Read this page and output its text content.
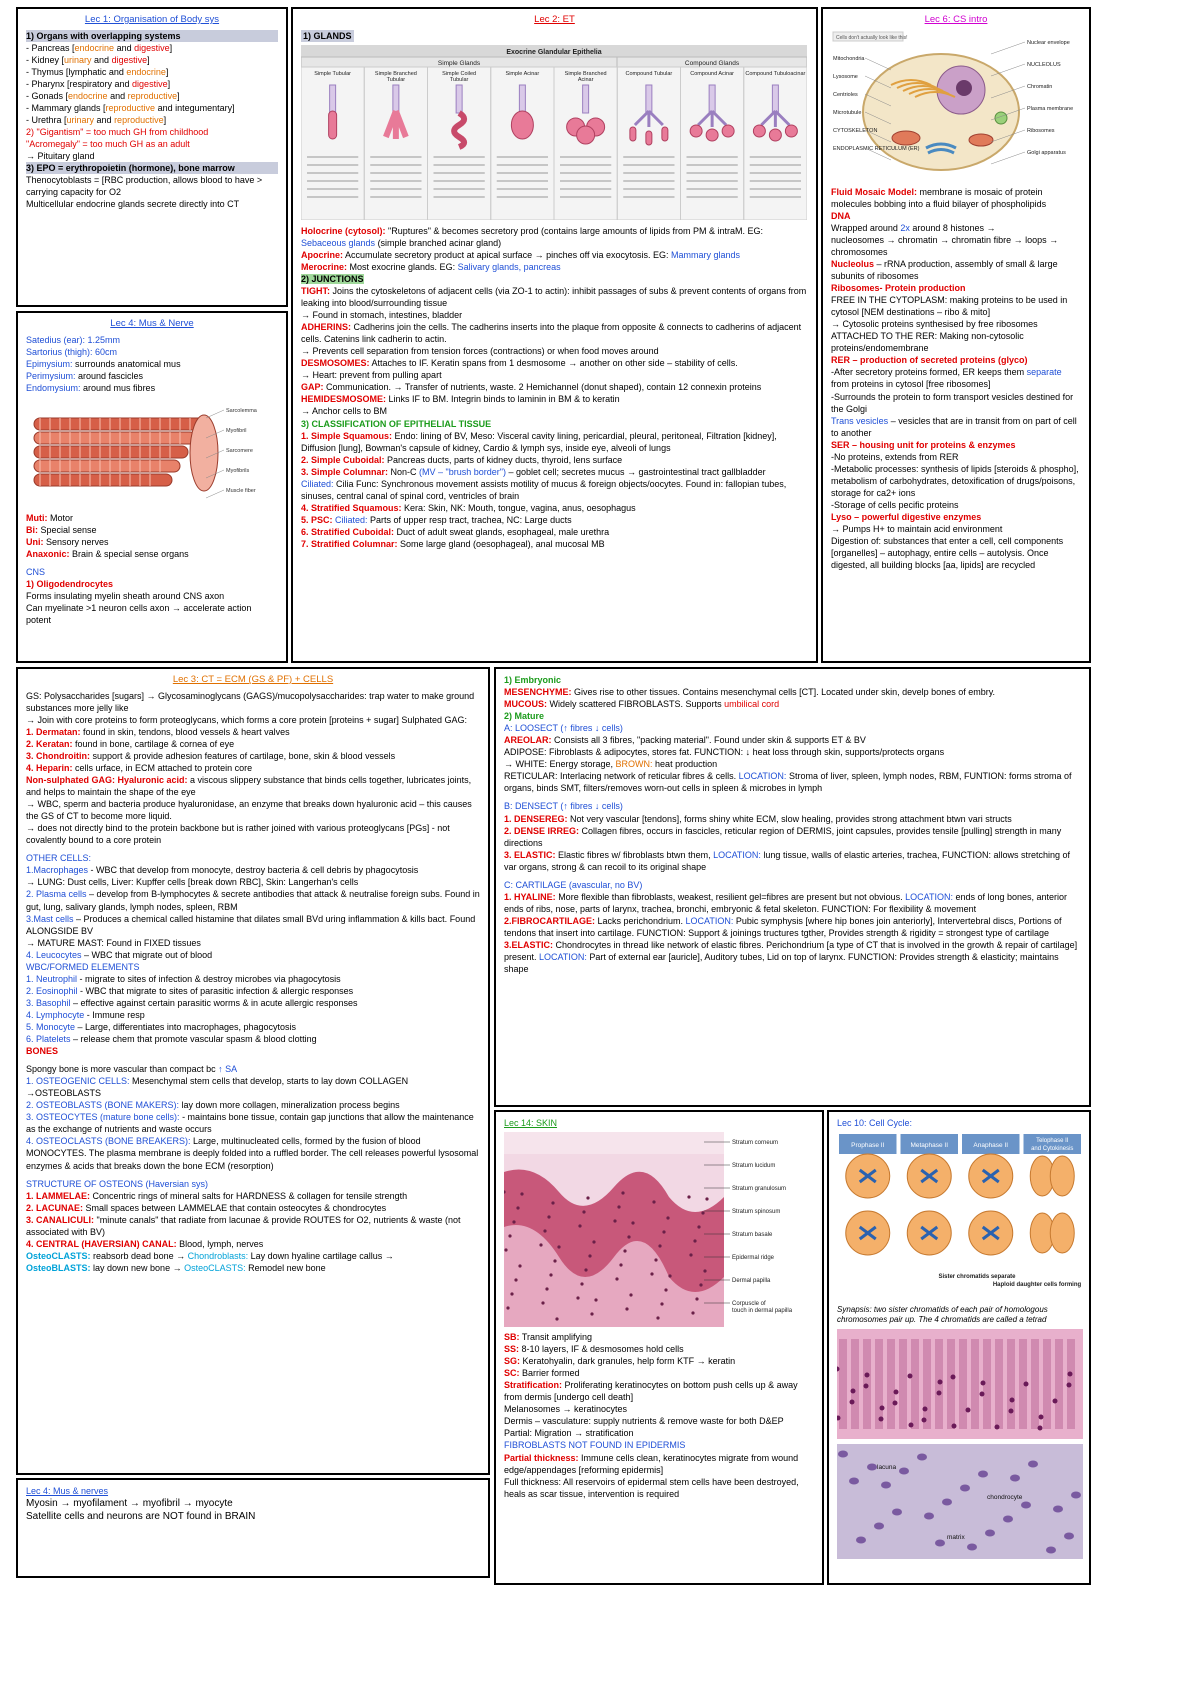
Lec 1: Organisation of Body sys
1) Organs with overlapping systems
- Pancreas [endocrine and digestive]
- Kidney [urinary and digestive]
- Thymus [lymphatic and endocrine]
- Pharynx [respiratory and digestive]
- Gonads [endocrine and reproductive]
- Mammary glands [reproductive and integumentary]
- Urethra [urinary and reproductive]
2) "Gigantism" = too much GH from childhood
"Acromegaly" = too much GH as an adult
→ Pituitary gland
3) EPO = erythropoietin (hormone), bone marrow
Thenocytoblasts = [RBC production, allows blood to have > carrying capacity for O2
Multicellular endocrine glands secrete directly into CT
Lec 2: ET
1) GLANDS
Exocrine Glandular Epithelia
Simple Glands	Compound Glands
Simple Tubular	Simple Branched
Tubular
Simple Coiled
Tubular
Simple Acinar	Simple Branched
Acinar
Compound Tubular	Compound Acinar Compound Tubuloacinar
Holocrine (cytosol): "Ruptures" & becomes secretory prod (contains large amounts of lipids from PM & intraM. EG: Sebaceous glands (simple branched acinar gland)
Apocrine: Accumulate secretory product at apical surface → pinches off via exocytosis. EG: Mammary glands
Merocrine: Most exocrine glands. EG: Salivary glands, pancreas
2) JUNCTIONS
TIGHT: Joins the cytoskeletons of adjacent cells (via ZO-1 to actin): inhibit passages of subs & prevent contents of organs from leaking into blood/surrounding tissue
→ Found in stomach, intestines, bladder
ADHERINS: Cadherins join the cells. The cadherins inserts into the plaque from opposite & connects to cadherins of adjacent cells. Catenins link cadherin to actin.
→ Prevents cell separation from tension forces (contractions) or when food moves around
DESMOSOMES: Attaches to IF. Keratin spans from 1 desmosome → another on other side – stability of cells.
→ Heart: prevent from pulling apart
GAP: Communication. → Transfer of nutrients, waste. 2 Hemichannel (donut shaped), contain 12 connexin proteins
HEMIDESMOSOME: Links IF to BM. Integrin binds to laminin in BM & to keratin
→ Anchor cells to BM
3) CLASSIFICATION OF EPITHELIAL TISSUE
1. Simple Squamous: Endo: lining of BV, Meso: Visceral cavity lining, pericardial, pleural, peritoneal, Filtration [kidney], Diffusion [lung], Bowman's capsule of kidney, Cardio & lymph sys, inside eye, alveoli of lungs
2. Simple Cuboidal: Pancreas ducts, parts of kidney ducts, thyroid, lens surface
3. Simple Columnar: Non-C (MV – "brush border") – goblet cell; secretes mucus → gastrointestinal tract gallbladder
Ciliated: Cilia Func: Synchronous movement assists motility of mucus & foreign objects/oocytes. Found in: fallopian tubes, sinuses, central canal of spinal cord, ventricles of brain
4. Stratified Squamous: Kera: Skin, NK: Mouth, tongue, vagina, anus, oesophagus
5. PSC: Ciliated: Parts of upper resp tract, trachea, NC: Large ducts
6. Stratified Cuboidal: Duct of adult sweat glands, esophageal, male urethra
7. Stratified Columnar: Some large gland (oesophageal), anal mucosal MB
Lec 6: CS intro
Cells don't actually look like this!
Nuclear envelope
NUCLEOLUS
Chromatin
Plasma membrane
Ribosomes
Golgi apparatus
Mitochondria
Lysosome
Centrioles
Microtubule
CYTOSKELETON
ENDOPLASMIC RETICULUM (ER)
Fluid Mosaic Model: membrane is mosaic of protein molecules bobbing into a fluid bilayer of phospholipids
DNA
Wrapped around 2x around 8 histones →
nucleosomes → chromatin → chromatin fibre → loops → chromosomes
Nucleolus – rRNA production, assembly of small & large subunits of ribosomes
Ribosomes- Protein production
FREE IN THE CYTOPLASM: making proteins to be used in cytosol [NEM destinations – ribo & mito]
→ Cytosolic proteins synthesised by free ribosomes
ATTACHED TO THE RER: Making non-cytosolic proteins/endomembrane
RER – production of secreted proteins (glyco)
-After secretory proteins formed, ER keeps them separate from proteins in cytosol [free ribosomes]
-Surrounds the protein to form transport vesicles destined for the Golgi
Trans vesicles – vesicles that are in transit from on part of cell to another
SER – housing unit for proteins & enzymes
-No proteins, extends from RER
-Metabolic processes: synthesis of lipids [steroids & phospho], metabolism of carbohydrates, detoxification of drugs/poisons, storage for ca2+ ions
-Storage of cells pecific proteins
Lyso – powerful digestive enzymes
→ Pumps H+ to maintain acid environment
Digestion of: substances that enter a cell, cell components [organelles] – autophagy, entire cells – autolysis. Once digested, all building blocks [aa, lipids] are recycled
Lec 4: Mus & Nerve
Satedius (ear): 1.25mm
Sartorius (thigh): 60cm
Epimysium: surrounds anatomical mus
Perimysium: around fascicles
Endomysium: around mus fibres
Sarcolemma
Myofibril
Sarcomere
Myofibrils
Muscle fiber
Muti: Motor
Bi: Special sense
Uni: Sensory nerves
Anaxonic: Brain & special sense organs

CNS
1) Oligodendrocytes
Forms insulating myelin sheath around CNS axon
Can myelinate >1 neuron cells axon → accelerate action potent
Lec 3: CT = ECM (GS & PF) + CELLS
GS: Polysaccharides [sugars] → Glycosaminoglycans (GAGS)/mucopolysaccharides: trap water to make ground substances more jelly like
→ Join with core proteins to form proteoglycans, which forms a core protein [proteins + sugar] Sulphated GAG:
1. Dermatan: found in skin, tendons, blood vessels & heart valves
2. Keratan: found in bone, cartilage & cornea of eye
3. Chondroitin: support & provide adhesion features of cartilage, bone, skin & blood vessels
4. Heparin: cells urface, in ECM attached to protein core
Non-sulphated GAG: Hyaluronic acid: a viscous slippery substance that binds cells together, lubricates joints, and helps to maintain the shape of the eye
→ WBC, sperm and bacteria produce hyaluronidase, an enzyme that breaks down hyaluronic acid – this causes the GS of CT to become more liquid.
→ does not directly bind to the protein backbone but is rather joined with various proteoglycans [PGs] - not covalently bound to a core protein

OTHER CELLS:
1.Macrophages - WBC that develop from monocyte, destroy bacteria & cell debris by phagocytosis
→ LUNG: Dust cells, Liver: Kupffer cells [break down RBC], Skin: Langerhan's cells
2. Plasma cells – develop from B-lymphocytes & secrete antibodies that attack & neutralise foreign subs. Found in gut, lung, salivary glands, lymph nodes, spleen, RBM
3.Mast cells – Produces a chemical called histamine that dilates small BVd uring inflammation & kills bact. Found ALONGSIDE BV
→ MATURE MAST: Found in FIXED tissues
4. Leucocytes – WBC that migrate out of blood
WBC/FORMED ELEMENTS
1. Neutrophil - migrate to sites of infection & destroy microbes via phagocytosis
2. Eosinophil - WBC that migrate to sites of parasitic infection & allergic responses
3. Basophil – effective against certain parasitic worms & in acute allergic responses
4. Lymphocyte - Immune resp
5. Monocyte – Large, differentiates into macrophages, phagocytosis
6. Platelets – release chem that promote vascular spasm & blood clotting
BONES

Spongy bone is more vascular than compact bc ↑ SA
1. OSTEOGENIC CELLS: Mesenchymal stem cells that develop, starts to lay down COLLAGEN →OSTEOBLASTS
2. OSTEOBLASTS (BONE MAKERS): lay down more collagen, mineralization process begins
3. OSTEOCYTES (mature bone cells): - maintains bone tissue, contain gap junctions that allow the maintenance as the exchange of nutrients and waste occurs
4. OSTEOCLASTS (BONE BREAKERS): Large, multinucleated cells, formed by the fusion of blood MONOCYTES. The plasma membrane is deeply folded into a ruffled border. The cell releases powerful lysosomal enzymes & acids that breaks down the bone ECM (resorption)

STRUCTURE OF OSTEONS (Haversian sys)
1. LAMMELAE: Concentric rings of mineral salts for HARDNESS & collagen for tensile strength
2. LACUNAE: Small spaces between LAMMELAE that contain osteocytes & chondrocytes
3. CANALICULI: "minute canals" that radiate from lacunae & provide ROUTES for O2, nutrients & waste (not associated with BV)
4. CENTRAL (HAVERSIAN) CANAL: Blood, lymph, nerves
OsteoCLASTS: reabsorb dead bone → Chondroblasts: Lay down hyaline cartilage callus →
OsteoBLASTS: lay down new bone → OsteoCLASTS: Remodel new bone
Lec 4: Mus & nerves
Myosin → myofilament → myofibril → myocyte
Satellite cells and neurons are NOT found in BRAIN
1) Embryonic
MESENCHYME: Gives rise to other tissues. Contains mesenchymal cells [CT]. Located under skin, develp bones of embry.
MUCOUS: Widely scattered FIBROBLASTS. Supports umbilical cord
2) Mature
A: LOOSECT (↑ fibres ↓ cells)
AREOLAR: Consists all 3 fibres, "packing material". Found under skin & supports ET & BV
ADIPOSE: Fibroblasts & adipocytes, stores fat. FUNCTION: ↓ heat loss through skin, supports/protects organs
→ WHITE: Energy storage, BROWN: heat production
RETICULAR: Interlacing network of reticular fibres & cells. LOCATION: Stroma of liver, spleen, lymph nodes, RBM, FUNTION: forms stroma of organs, binds SMT, filters/removes worn-out cells in spleen & microbes in lymph

B: DENSECT (↑ fibres ↓ cells)
1. DENSEREG: Not very vascular [tendons], forms shiny white ECM, slow healing, provides strong attachment btwn vari structs
2. DENSE IRREG: Collagen fibres, occurs in fascicles, reticular region of DERMIS, joint capsules, provides tensile [pulling] strength in many directions
3. ELASTIC: Elastic fibres w/ fibroblasts btwn them, LOCATION: lung tissue, walls of elastic arteries, trachea, FUNCTION: allows stretching of var organs, strong & can recoil to its original shape

C: CARTILAGE (avascular, no BV)
1. HYALINE: More flexible than fibroblasts, weakest, resilient gel=fibres are present but not obvious. LOCATION: ends of long bones, anterior ends of ribs, nose, parts of larynx, trachea, bronchi, embryonic & fetal skeleton. FUNCTION: For flexibility & movement
2.FIBROCARTILAGE: Lacks perichondrium. LOCATION: Pubic symphysis [where hip bones join anteriorly], Intervertebral discs, Portions of tendons that insert into cartilage. FUNCTION: Support & joinings tructures tgther, Provides strength & rigidity = strongest type of cartilage
3.ELASTIC: Chondrocytes in thread like network of elastic fibres. Perichondrium [a type of CT that is involved in the growth & repair of cartilage] present. LOCATION: Part of external ear [auricle], Auditory tubes, Lid on top of larynx. FUNCTION: Provides strength & elasticity; maintains shape
Lec 14: SKIN
Stratum corneum
Stratum lucidum
Stratum granulosum
Stratum spinosum
Stratum basale
Epidermal ridge
Dermal papilla
Corpuscle of
touch in dermal papilla
SB: Transit amplifying
SS: 8-10 layers, IF & desmosomes hold cells
SG: Keratohyalin, dark granules, help form KTF → keratin
SC: Barrier formed
Stratification: Proliferating keratinocytes on bottom push cells up & away from dermis [undergo cell death]
Melanosomes → keratinocytes
Dermis – vasculature: supply nutrients & remove waste for both D&EP
Partial: Migration → stratification
FIBROBLASTS NOT FOUND IN EPIDERMIS
Partial thickness: Immune cells clean, keratinocytes migrate from wound edge/appendages [reforming epidermis]
Full thickness: All reservoirs of epidermal stem cells have been destroyed, heals as scar tissue, intervention is required
Lec 10: Cell Cycle:
Prophase II	Metaphase II	Anaphase II
Telophase II
and Cytokinesis
Sister chromatids separate
Haploid daughter cells forming
Synapsis: two sister chromatids of each pair of homologous chromosomes pair up. The 4 chromatids are called a tetrad
lacuna
chondrocyte
matrix
